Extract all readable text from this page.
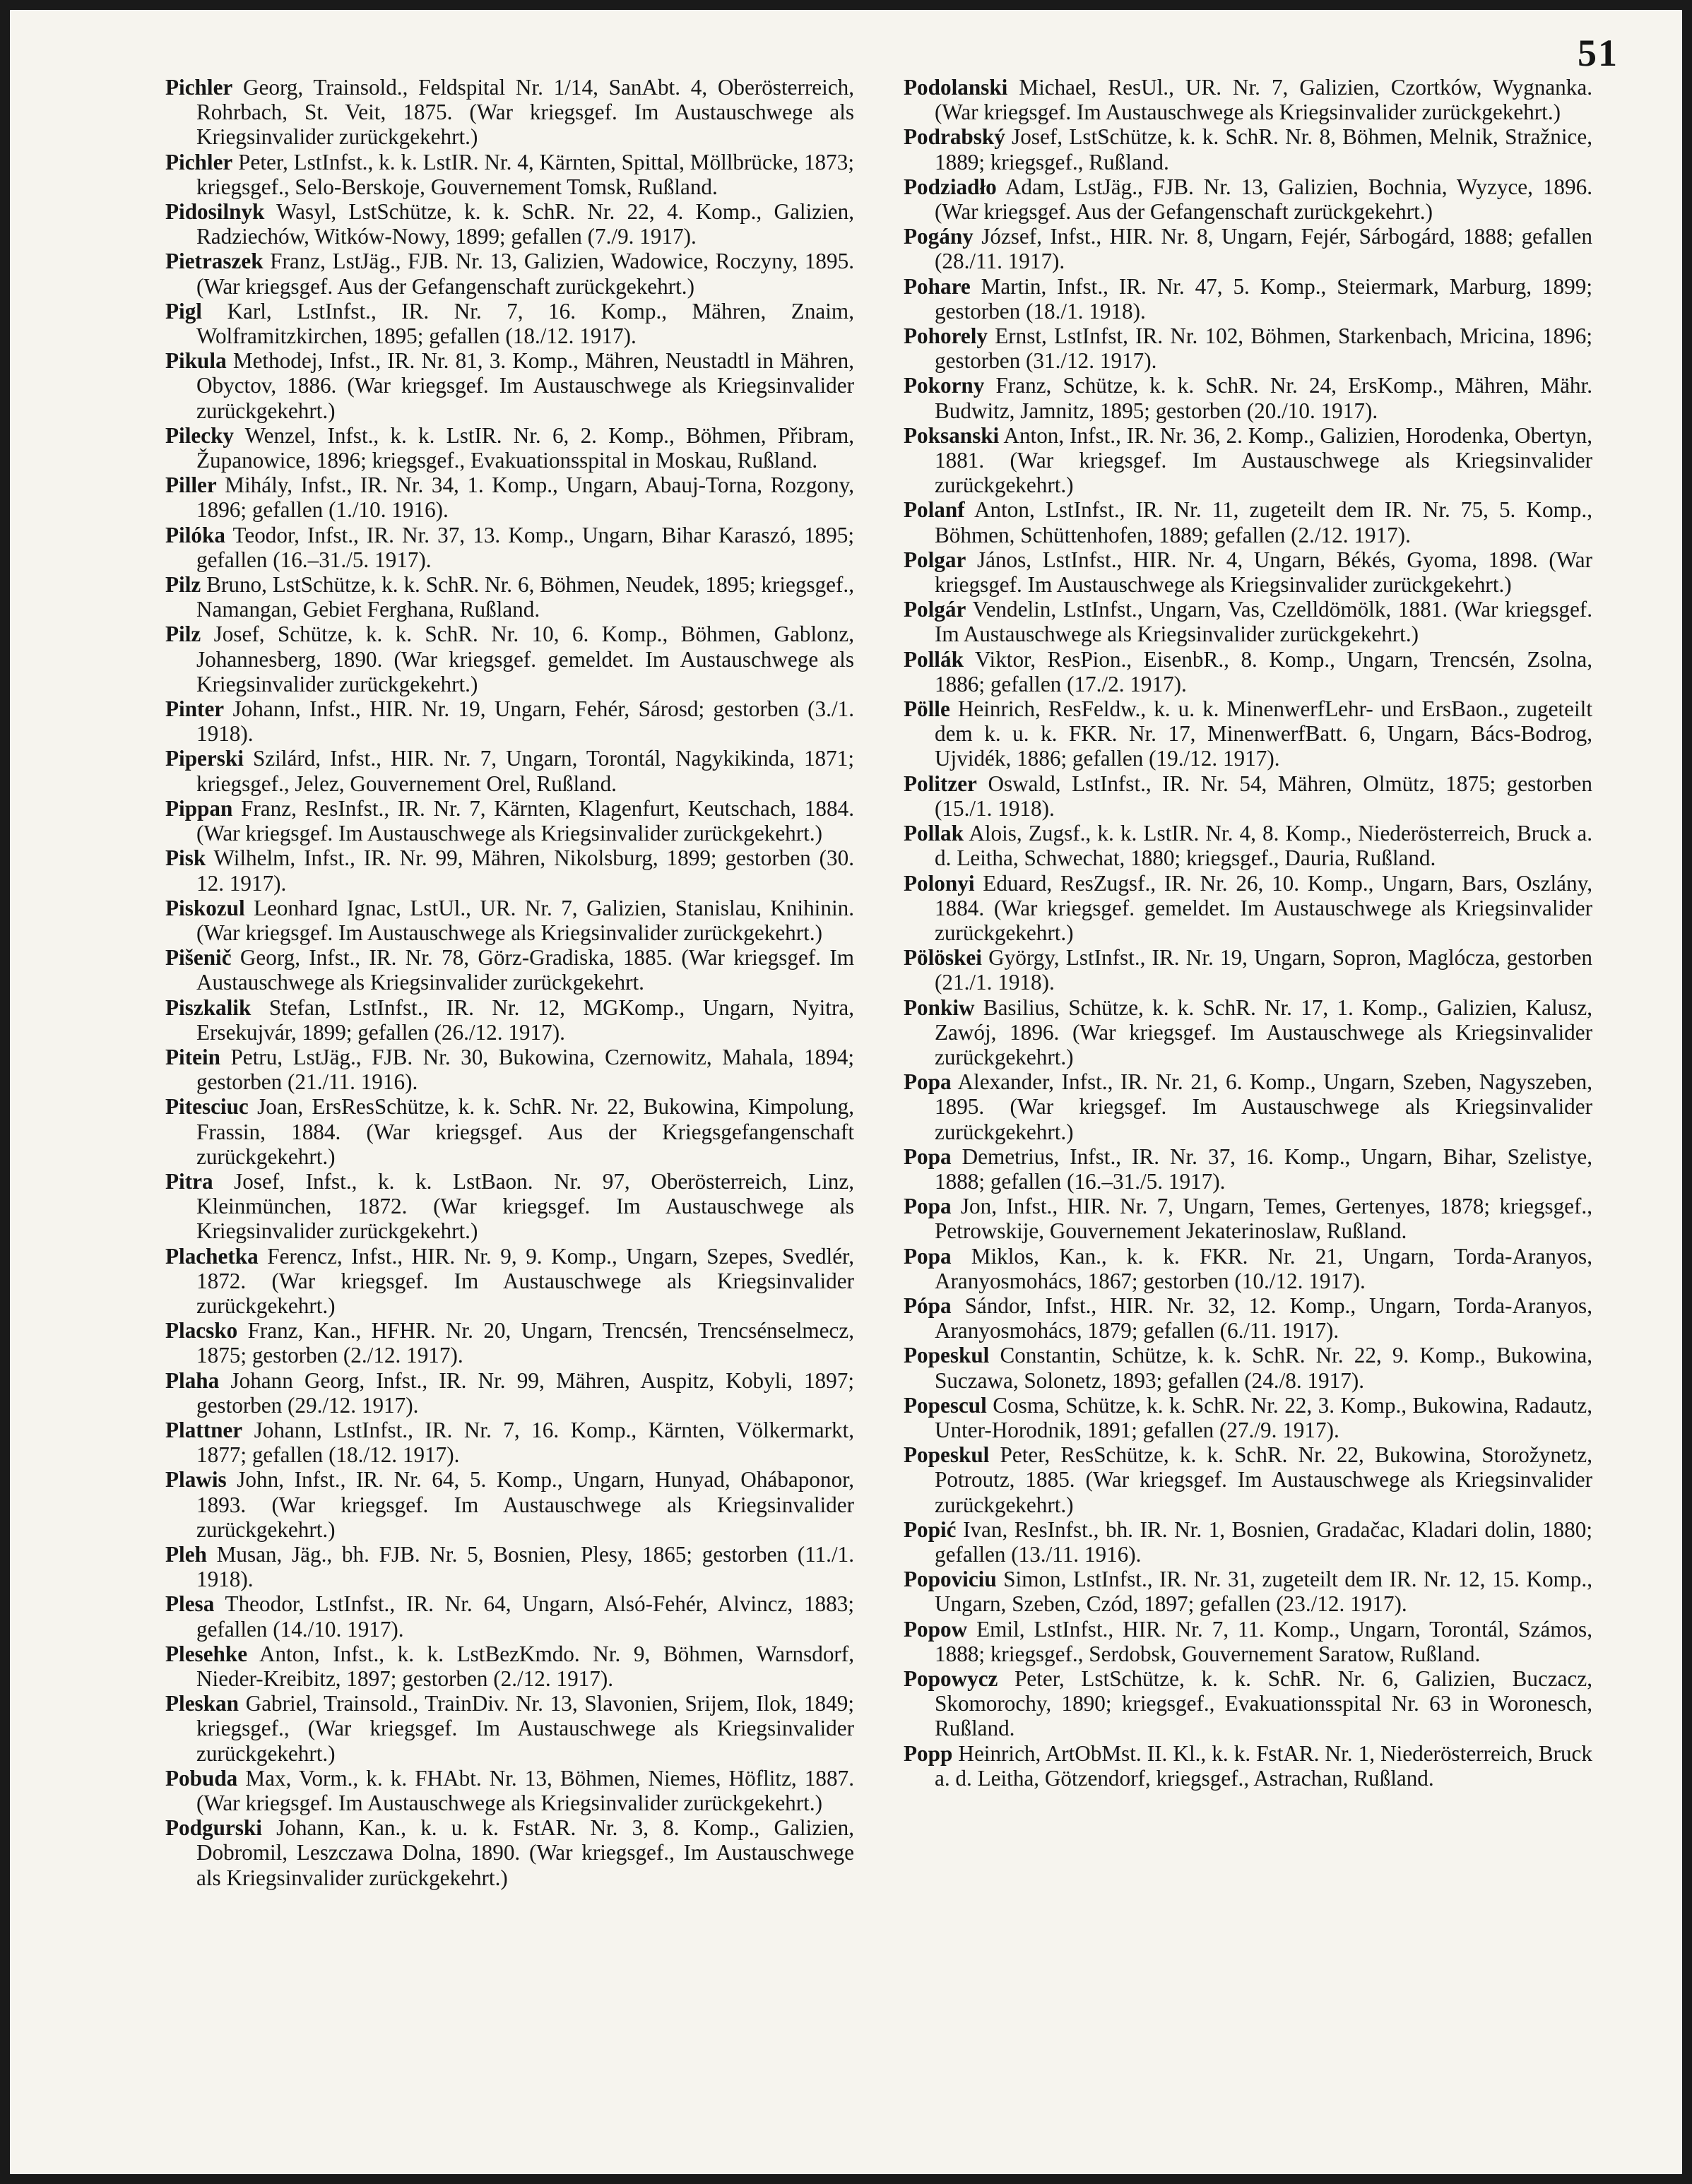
51

Pichler Georg, Trainsold., Feldspital Nr. 1/14, SanAbt. 4, Oberösterreich, Rohrbach, St. Veit, 1875. (War kriegsgef. Im Austauschwege als Kriegsinvalider zurückgekehrt.)

Pichler Peter, LstInfst., k. k. LstIR. Nr. 4, Kärnten, Spittal, Möllbrücke, 1873; kriegsgef., Selo-Berskoje, Gouvernement Tomsk, Rußland.

Pidosilnyk Wasyl, LstSchütze, k. k. SchR. Nr. 22, 4. Komp., Galizien, Radziechów, Witków-Nowy, 1899; gefallen (7./9. 1917).

Pietraszek Franz, LstJäg., FJB. Nr. 13, Galizien, Wadowice, Roczyny, 1895. (War kriegsgef. Aus der Gefangenschaft zurückgekehrt.)

Pigl Karl, LstInfst., IR. Nr. 7, 16. Komp., Mähren, Znaim, Wolframitzkirchen, 1895; gefallen (18./12. 1917).

Pikula Methodej, Infst., IR. Nr. 81, 3. Komp., Mähren, Neustadtl in Mähren, Obyctov, 1886. (War kriegsgef. Im Austauschwege als Kriegsinvalider zurückgekehrt.)

Pilecky Wenzel, Infst., k. k. LstIR. Nr. 6, 2. Komp., Böhmen, Přibram, Županowice, 1896; kriegsgef., Evakuationsspital in Moskau, Rußland.

Piller Mihály, Infst., IR. Nr. 34, 1. Komp., Ungarn, Abauj-Torna, Rozgony, 1896; gefallen (1./10. 1916).

Pilóka Teodor, Infst., IR. Nr. 37, 13. Komp., Ungarn, Bihar Karaszó, 1895; gefallen (16.–31./5. 1917).

Pilz Bruno, LstSchütze, k. k. SchR. Nr. 6, Böhmen, Neudek, 1895; kriegsgef., Namangan, Gebiet Ferghana, Rußland.

Pilz Josef, Schütze, k. k. SchR. Nr. 10, 6. Komp., Böhmen, Gablonz, Johannesberg, 1890. (War kriegsgef. gemeldet. Im Austauschwege als Kriegsinvalider zurückgekehrt.)

Pinter Johann, Infst., HIR. Nr. 19, Ungarn, Fehér, Sárosd; gestorben (3./1. 1918).

Piperski Szilárd, Infst., HIR. Nr. 7, Ungarn, Torontál, Nagykikinda, 1871; kriegsgef., Jelez, Gouvernement Orel, Rußland.

Pippan Franz, ResInfst., IR. Nr. 7, Kärnten, Klagenfurt, Keutschach, 1884. (War kriegsgef. Im Austauschwege als Kriegsinvalider zurückgekehrt.)

Pisk Wilhelm, Infst., IR. Nr. 99, Mähren, Nikolsburg, 1899; gestorben (30. 12. 1917).

Piskozul Leonhard Ignac, LstUl., UR. Nr. 7, Galizien, Stanislau, Knihinin. (War kriegsgef. Im Austauschwege als Kriegsinvalider zurückgekehrt.)

Pišenič Georg, Infst., IR. Nr. 78, Görz-Gradiska, 1885. (War kriegsgef. Im Austauschwege als Kriegsinvalider zurückgekehrt.

Piszkalik Stefan, LstInfst., IR. Nr. 12, MGKomp., Ungarn, Nyitra, Ersekujvár, 1899; gefallen (26./12. 1917).

Pitein Petru, LstJäg., FJB. Nr. 30, Bukowina, Czernowitz, Mahala, 1894; gestorben (21./11. 1916).

Pitesciuc Joan, ErsResSchütze, k. k. SchR. Nr. 22, Bukowina, Kimpolung, Frassin, 1884. (War kriegsgef. Aus der Kriegsgefangenschaft zurückgekehrt.)

Pitra Josef, Infst., k. k. LstBaon. Nr. 97, Oberösterreich, Linz, Kleinmünchen, 1872. (War kriegsgef. Im Austauschwege als Kriegsinvalider zurückgekehrt.)

Plachetka Ferencz, Infst., HIR. Nr. 9, 9. Komp., Ungarn, Szepes, Svedlér, 1872. (War kriegsgef. Im Austauschwege als Kriegsinvalider zurückgekehrt.)

Placsko Franz, Kan., HFHR. Nr. 20, Ungarn, Trencsén, Trencsénselmecz, 1875; gestorben (2./12. 1917).

Plaha Johann Georg, Infst., IR. Nr. 99, Mähren, Auspitz, Kobyli, 1897; gestorben (29./12. 1917).

Plattner Johann, LstInfst., IR. Nr. 7, 16. Komp., Kärnten, Völkermarkt, 1877; gefallen (18./12. 1917).

Plawis John, Infst., IR. Nr. 64, 5. Komp., Ungarn, Hunyad, Ohábaponor, 1893. (War kriegsgef. Im Austauschwege als Kriegsinvalider zurückgekehrt.)

Pleh Musan, Jäg., bh. FJB. Nr. 5, Bosnien, Plesy, 1865; gestorben (11./1. 1918).

Plesa Theodor, LstInfst., IR. Nr. 64, Ungarn, Alsó-Fehér, Alvincz, 1883; gefallen (14./10. 1917).

Plesehke Anton, Infst., k. k. LstBezKmdo. Nr. 9, Böhmen, Warnsdorf, Nieder-Kreibitz, 1897; gestorben (2./12. 1917).

Pleskan Gabriel, Trainsold., TrainDiv. Nr. 13, Slavonien, Srijem, Ilok, 1849; kriegsgef., (War kriegsgef. Im Austauschwege als Kriegsinvalider zurückgekehrt.)

Pobuda Max, Vorm., k. k. FHAbt. Nr. 13, Böhmen, Niemes, Höflitz, 1887. (War kriegsgef. Im Austauschwege als Kriegsinvalider zurückgekehrt.)

Podgurski Johann, Kan., k. u. k. FstAR. Nr. 3, 8. Komp., Galizien, Dobromil, Leszczawa Dolna, 1890. (War kriegsgef., Im Austauschwege als Kriegsinvalider zurückgekehrt.)

Podolanski Michael, ResUl., UR. Nr. 7, Galizien, Czortków, Wygnanka. (War kriegsgef. Im Austauschwege als Kriegsinvalider zurückgekehrt.)

Podrabský Josef, LstSchütze, k. k. SchR. Nr. 8, Böhmen, Melnik, Stražnice, 1889; kriegsgef., Rußland.

Podziadło Adam, LstJäg., FJB. Nr. 13, Galizien, Bochnia, Wyzyce, 1896. (War kriegsgef. Aus der Gefangenschaft zurückgekehrt.)

Pogány József, Infst., HIR. Nr. 8, Ungarn, Fejér, Sárbogárd, 1888; gefallen (28./11. 1917).

Pohare Martin, Infst., IR. Nr. 47, 5. Komp., Steiermark, Marburg, 1899; gestorben (18./1. 1918).

Pohorely Ernst, LstInfst, IR. Nr. 102, Böhmen, Starkenbach, Mricina, 1896; gestorben (31./12. 1917).

Pokorny Franz, Schütze, k. k. SchR. Nr. 24, ErsKomp., Mähren, Mähr. Budwitz, Jamnitz, 1895; gestorben (20./10. 1917).

Poksanski Anton, Infst., IR. Nr. 36, 2. Komp., Galizien, Horodenka, Obertyn, 1881. (War kriegsgef. Im Austauschwege als Kriegsinvalider zurückgekehrt.)

Polanf Anton, LstInfst., IR. Nr. 11, zugeteilt dem IR. Nr. 75, 5. Komp., Böhmen, Schüttenhofen, 1889; gefallen (2./12. 1917).

Polgar János, LstInfst., HIR. Nr. 4, Ungarn, Békés, Gyoma, 1898. (War kriegsgef. Im Austauschwege als Kriegsinvalider zurückgekehrt.)

Polgár Vendelin, LstInfst., Ungarn, Vas, Czelldömölk, 1881. (War kriegsgef. Im Austauschwege als Kriegsinvalider zurückgekehrt.)

Pollák Viktor, ResPion., EisenbR., 8. Komp., Ungarn, Trencsén, Zsolna, 1886; gefallen (17./2. 1917).

Pölle Heinrich, ResFeldw., k. u. k. MinenwerfLehr- und ErsBaon., zugeteilt dem k. u. k. FKR. Nr. 17, MinenwerfBatt. 6, Ungarn, Bács-Bodrog, Ujvidék, 1886; gefallen (19./12. 1917).

Politzer Oswald, LstInfst., IR. Nr. 54, Mähren, Olmütz, 1875; gestorben (15./1. 1918).

Pollak Alois, Zugsf., k. k. LstIR. Nr. 4, 8. Komp., Niederösterreich, Bruck a. d. Leitha, Schwechat, 1880; kriegsgef., Dauria, Rußland.

Polonyi Eduard, ResZugsf., IR. Nr. 26, 10. Komp., Ungarn, Bars, Oszlány, 1884. (War kriegsgef. gemeldet. Im Austauschwege als Kriegsinvalider zurückgekehrt.)

Pölöskei György, LstInfst., IR. Nr. 19, Ungarn, Sopron, Maglócza, gestorben (21./1. 1918).

Ponkiw Basilius, Schütze, k. k. SchR. Nr. 17, 1. Komp., Galizien, Kalusz, Zawój, 1896. (War kriegsgef. Im Austauschwege als Kriegsinvalider zurückgekehrt.)

Popa Alexander, Infst., IR. Nr. 21, 6. Komp., Ungarn, Szeben, Nagyszeben, 1895. (War kriegsgef. Im Austauschwege als Kriegsinvalider zurückgekehrt.)

Popa Demetrius, Infst., IR. Nr. 37, 16. Komp., Ungarn, Bihar, Szelistye, 1888; gefallen (16.–31./5. 1917).

Popa Jon, Infst., HIR. Nr. 7, Ungarn, Temes, Gertenyes, 1878; kriegsgef., Petrowskije, Gouvernement Jekaterinoslaw, Rußland.

Popa Miklos, Kan., k. k. FKR. Nr. 21, Ungarn, Torda-Aranyos, Aranyosmohács, 1867; gestorben (10./12. 1917).

Pópa Sándor, Infst., HIR. Nr. 32, 12. Komp., Ungarn, Torda-Aranyos, Aranyosmohács, 1879; gefallen (6./11. 1917).

Popeskul Constantin, Schütze, k. k. SchR. Nr. 22, 9. Komp., Bukowina, Suczawa, Solonetz, 1893; gefallen (24./8. 1917).

Popescul Cosma, Schütze, k. k. SchR. Nr. 22, 3. Komp., Bukowina, Radautz, Unter-Horodnik, 1891; gefallen (27./9. 1917).

Popeskul Peter, ResSchütze, k. k. SchR. Nr. 22, Bukowina, Storožynetz, Potroutz, 1885. (War kriegsgef. Im Austauschwege als Kriegsinvalider zurückgekehrt.)

Popić Ivan, ResInfst., bh. IR. Nr. 1, Bosnien, Gradačac, Kladari dolin, 1880; gefallen (13./11. 1916).

Popoviciu Simon, LstInfst., IR. Nr. 31, zugeteilt dem IR. Nr. 12, 15. Komp., Ungarn, Szeben, Czód, 1897; gefallen (23./12. 1917).

Popow Emil, LstInfst., HIR. Nr. 7, 11. Komp., Ungarn, Torontál, Számos, 1888; kriegsgef., Serdobsk, Gouvernement Saratow, Rußland.

Popowycz Peter, LstSchütze, k. k. SchR. Nr. 6, Galizien, Buczacz, Skomorochy, 1890; kriegsgef., Evakuationsspital Nr. 63 in Woronesch, Rußland.

Popp Heinrich, ArtObMst. II. Kl., k. k. FstAR. Nr. 1, Niederösterreich, Bruck a. d. Leitha, Götzendorf, kriegsgef., Astrachan, Rußland.
